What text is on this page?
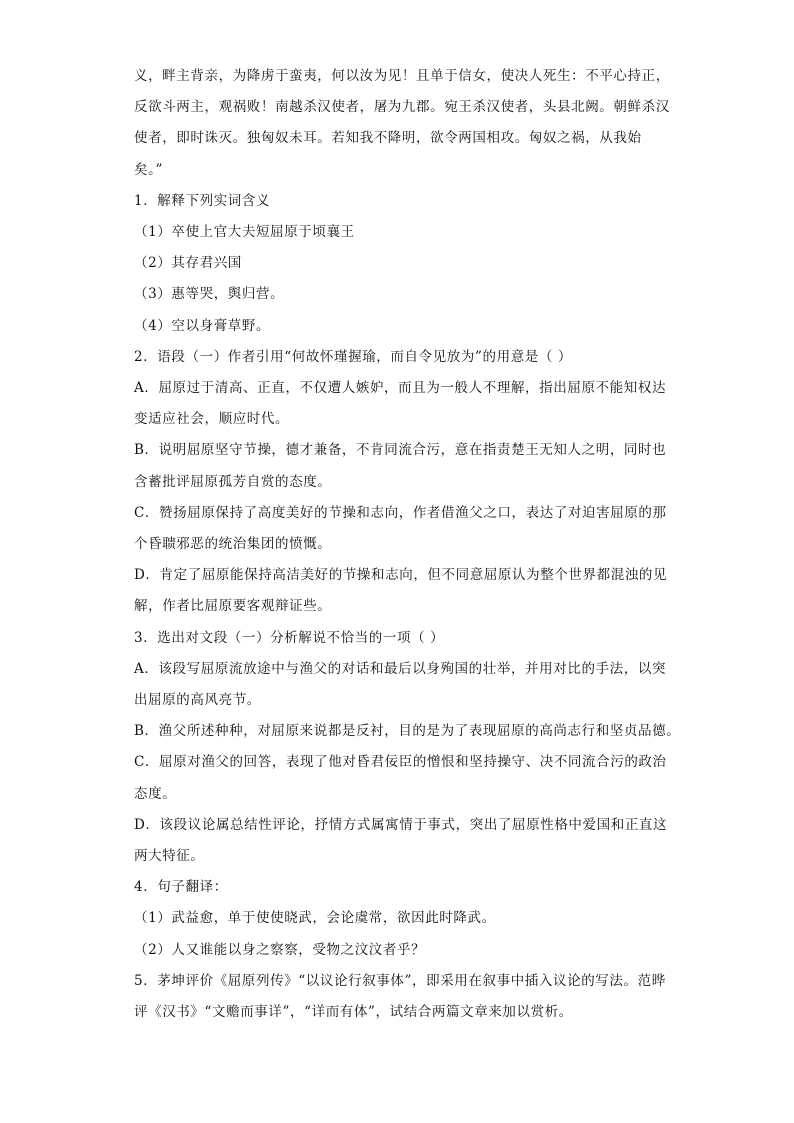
义，畔主背亲，为降虏于蛮夷，何以汝为见！且单于信女，使决人死生：不平心持正，
反欲斗两主，观祸败！南越杀汉使者，屠为九郡。宛王杀汉使者，头县北阙。朝鲜杀汉
使者，即时诛灭。独匈奴未耳。若知我不降明，欲令两国相攻。匈奴之祸，从我始
矣。”
1．解释下列实词含义
（1）卒使上官大夫短屈原于顷襄王
（2）其存君兴国
（3）惠等哭，舆归营。
（4）空以身膏草野。
2．语段（一）作者引用“何故怀瑾握瑜，而自令见放为”的用意是（ ）
A．屈原过于清高、正直，不仅遭人嫉妒，而且为一般人不理解，指出屈原不能知权达
变适应社会，顺应时代。
B．说明屈原坚守节操，德才兼备，不肯同流合污，意在指责楚王无知人之明，同时也
含蓄批评屈原孤芳自赏的态度。
C．赞扬屈原保持了高度美好的节操和志向，作者借渔父之口，表达了对迫害屈原的那
个昏聩邪恶的统治集团的愤慨。
D．肯定了屈原能保持高洁美好的节操和志向，但不同意屈原认为整个世界都混浊的见
解，作者比屈原要客观辩证些。
3．选出对文段（一）分析解说不恰当的一项（ ）
A．该段写屈原流放途中与渔父的对话和最后以身殉国的壮举，并用对比的手法，以突
出屈原的高风亮节。
B．渔父所述种种，对屈原来说都是反衬，目的是为了表现屈原的高尚志行和坚贞品德。
C．屈原对渔父的回答，表现了他对昏君佞臣的憎恨和坚持操守、决不同流合污的政治
态度。
D．该段议论属总结性评论，抒情方式属寓情于事式，突出了屈原性格中爱国和正直这
两大特征。
4．句子翻译：
（1）武益愈，单于使使晓武，会论虞常，欲因此时降武。
（2）人又谁能以身之察察，受物之汶汶者乎？
5．茅坤评价《屈原列传》“以议论行叙事体”，即采用在叙事中插入议论的写法。范晔
评《汉书》“文赡而事详”，“详而有体”，试结合两篇文章来加以赏析。
